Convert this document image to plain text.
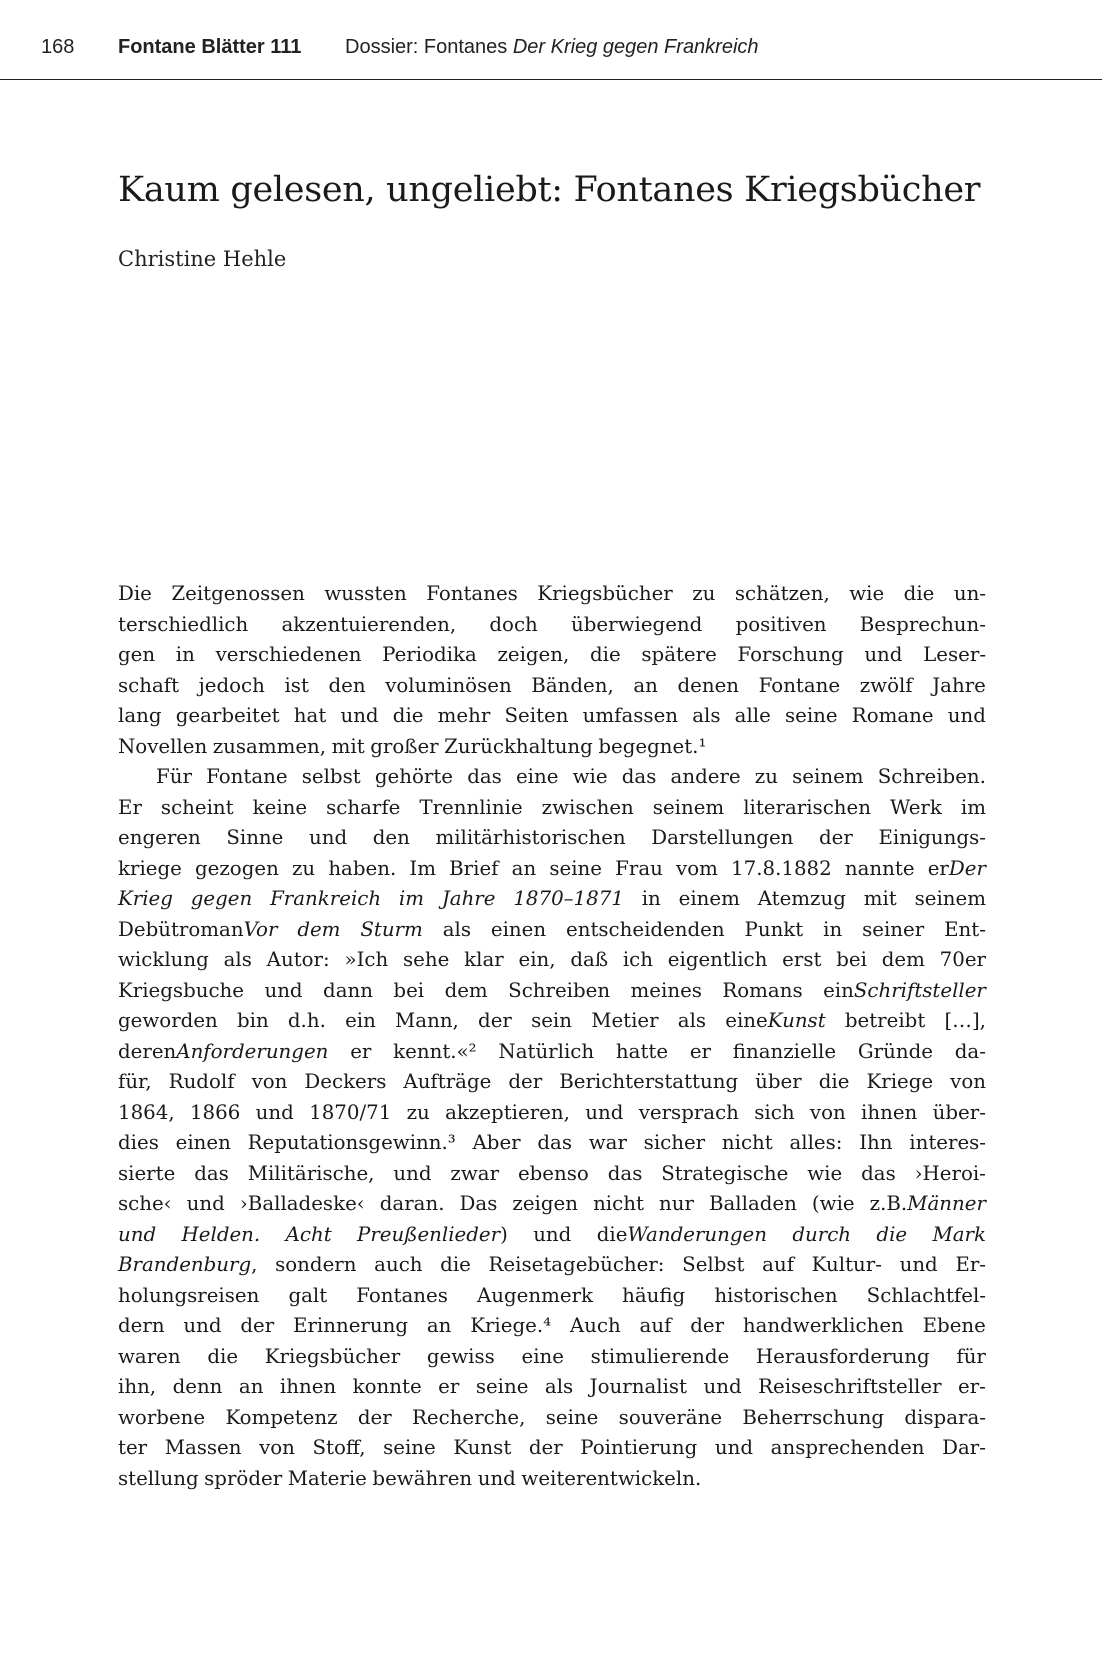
168 Fontane Blätter 111 Dossier: Fontanes Der Krieg gegen Frankreich
Kaum gelesen, ungeliebt: Fontanes Kriegsbücher
Christine Hehle
Die Zeitgenossen wussten Fontanes Kriegsbücher zu schätzen, wie die un-
terschiedlich akzentuierenden, doch überwiegend positiven Besprechun-
gen in verschiedenen Periodika zeigen, die spätere Forschung und Leser-
schaft jedoch ist den voluminösen Bänden, an denen Fontane zwölf Jahre
lang gearbeitet hat und die mehr Seiten umfassen als alle seine Romane und
Novellen zusammen, mit großer Zurückhaltung begegnet.¹
Für Fontane selbst gehörte das eine wie das andere zu seinem Schreiben.
Er scheint keine scharfe Trennlinie zwischen seinem literarischen Werk im
engeren Sinne und den militärhistorischen Darstellungen der Einigungs-
kriege gezogen zu haben. Im Brief an seine Frau vom 17.8.1882 nannte erDer
Krieg gegen Frankreich im Jahre 1870–1871 in einem Atemzug mit seinem
DebütromanVor dem Sturm als einen entscheidenden Punkt in seiner Ent-
wicklung als Autor: »Ich sehe klar ein, daß ich eigentlich erst bei dem 70er
Kriegsbuche und dann bei dem Schreiben meines Romans einSchriftsteller
geworden bin d.h. ein Mann, der sein Metier als eineKunst betreibt […],
derenAnforderungen er kennt.«² Natürlich hatte er finanzielle Gründe da-
für, Rudolf von Deckers Aufträge der Berichterstattung über die Kriege von
1864, 1866 und 1870/71 zu akzeptieren, und versprach sich von ihnen über-
dies einen Reputationsgewinn.³ Aber das war sicher nicht alles: Ihn interes-
sierte das Militärische, und zwar ebenso das Strategische wie das ›Heroi-
sche‹ und ›Balladeske‹ daran. Das zeigen nicht nur Balladen (wie z.B.Männer
und Helden. Acht Preußenlieder) und dieWanderungen durch die Mark
Brandenburg, sondern auch die Reisetagebücher: Selbst auf Kultur- und Er-
holungsreisen galt Fontanes Augenmerk häufig historischen Schlachtfel-
dern und der Erinnerung an Kriege.⁴ Auch auf der handwerklichen Ebene
waren die Kriegsbücher gewiss eine stimulierende Herausforderung für
ihn, denn an ihnen konnte er seine als Journalist und Reiseschriftsteller er-
worbene Kompetenz der Recherche, seine souveräne Beherrschung dispara-
ter Massen von Stoff, seine Kunst der Pointierung und ansprechenden Dar-
stellung spröder Materie bewähren und weiterentwickeln.
